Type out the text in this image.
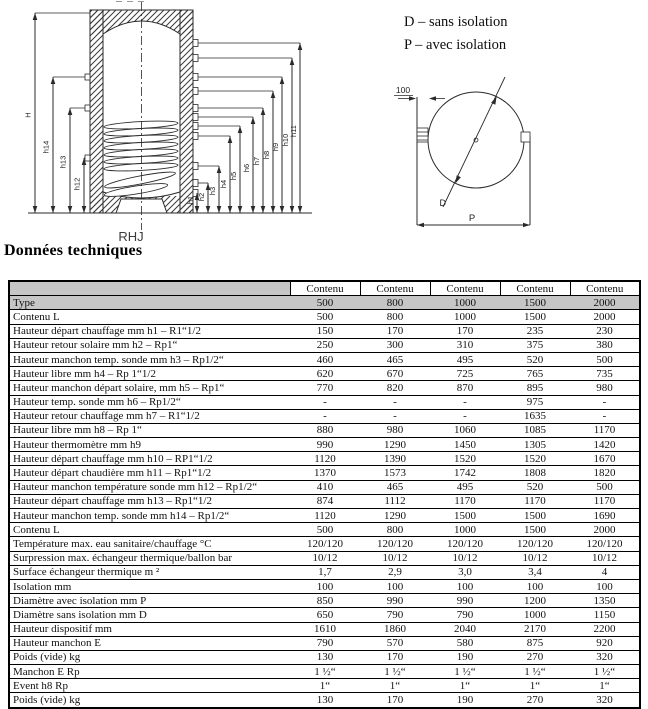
h1 h2
h3
h4
h5
h6
h7
h8
h9
h10
h11
H
h14
h13
h12
RHJ
100
D
P
D – sans isolation
P – avec isolation
Données techniques
	Contenu	Contenu	Contenu	Contenu	Contenu
Type	500	800	1000	1500	2000
Contenu L	500	800	1000	1500	2000
Hauteur départ chauffage mm h1 – R1“1/2	150	170	170	235	230
Hauteur retour solaire mm h2 – Rp1“	250	300	310	375	380
Hauteur manchon temp. sonde mm h3 – Rp1/2“	460	465	495	520	500
Hauteur libre mm h4 – Rp 1“1/2	620	670	725	765	735
Hauteur manchon départ solaire, mm h5 – Rp1“	770	820	870	895	980
Hauteur temp. sonde mm h6 – Rp1/2“	-	-	-	975	-
Hauteur retour chauffage mm h7 – R1“1/2	-	-	-	1635	-
Hauteur libre mm h8 – Rp 1“	880	980	1060	1085	1170
Hauteur thermomètre mm h9	990	1290	1450	1305	1420
Hauteur départ chauffage mm h10 – RP1“1/2	1120	1390	1520	1520	1670
Hauteur départ chaudière mm h11 – Rp1“1/2	1370	1573	1742	1808	1820
Hauteur manchon température sonde mm h12 – Rp1/2“	410	465	495	520	500
Hauteur départ chauffage mm h13 – Rp1“1/2	874	1112	1170	1170	1170
Hauteur manchon temp. sonde mm h14 – Rp1/2“	1120	1290	1500	1500	1690
Contenu L	500	800	1000	1500	2000
Température max. eau sanitaire/chauffage °C	120/120	120/120	120/120	120/120	120/120
Surpression max. échangeur thermique/ballon bar	10/12	10/12	10/12	10/12	10/12
Surface échangeur thermique m ²	1,7	2,9	3,0	3,4	4
Isolation mm	100	100	100	100	100
Diamètre avec isolation mm P	850	990	990	1200	1350
Diamètre sans isolation mm D	650	790	790	1000	1150
Hauteur dispositif mm	1610	1860	2040	2170	2200
Hauteur manchon E	790	570	580	875	920
Poids (vide) kg	130	170	190	270	320
Manchon E Rp	1 ½“	1 ½“	1 ½“	1 ½“	1 ½“
Event h8 Rp	1“	1“	1“	1“	1“
Poids (vide) kg	130	170	190	270	320
